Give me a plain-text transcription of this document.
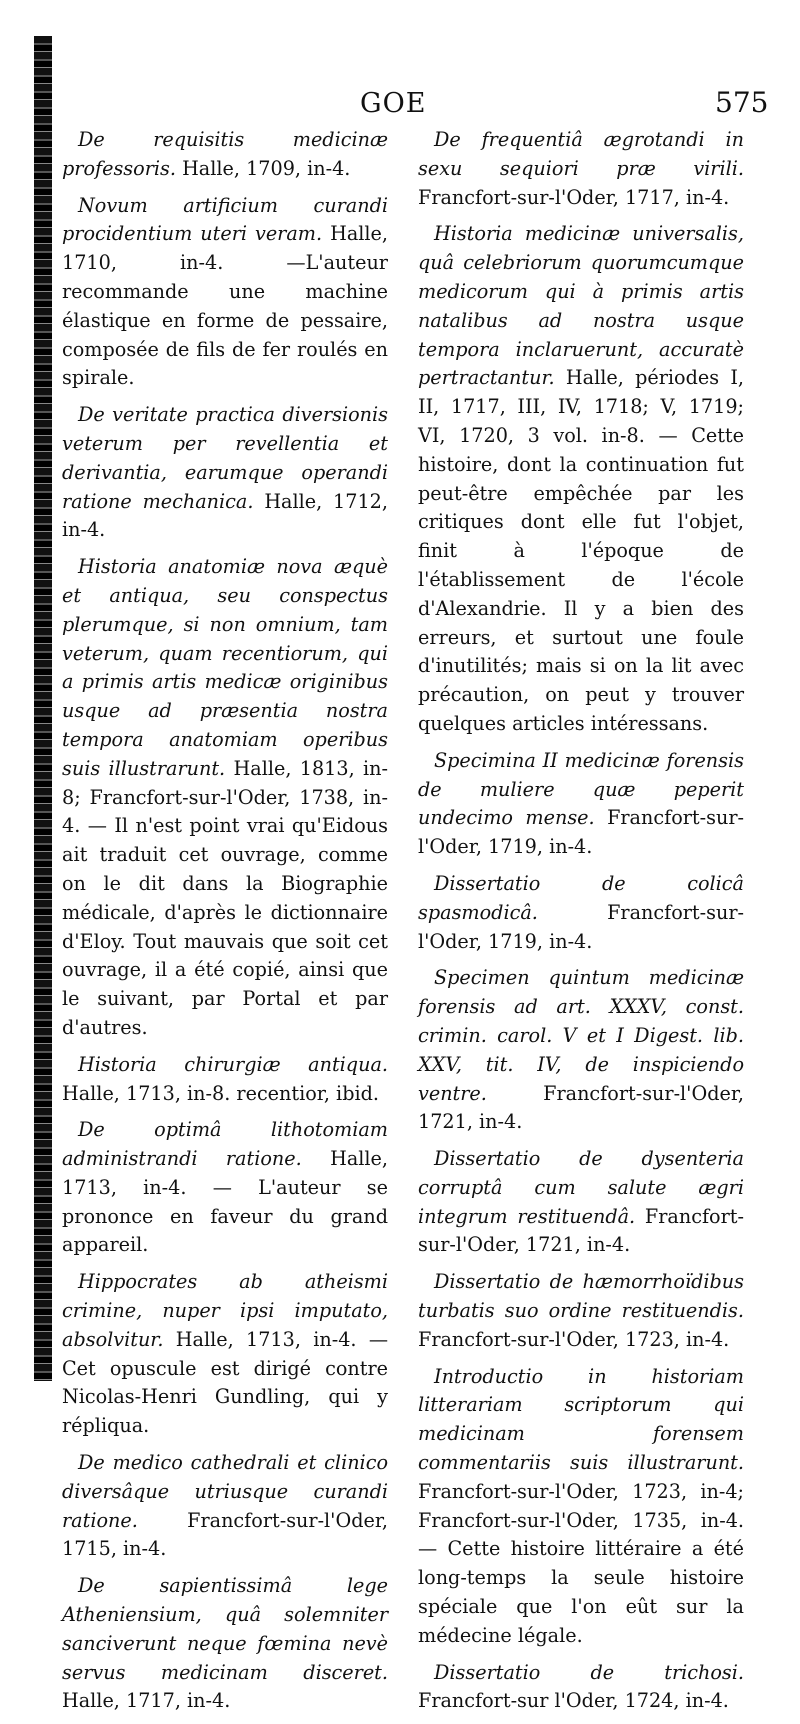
GOE	575

De requisitis medicinæ professoris. Halle, 1709, in-4.

Novum artificium curandi procidentium uteri veram. Halle, 1710, in-4.	—L'auteur recommande une machine élastique en forme de pessaire, composée de fils de fer roulés en spirale.

De veritate practica diversionis veterum per revellentia et derivantia, earumque operandi ratione mechanica. Halle, 1712, in-4.

Historia anatomiæ nova æquè et antiqua, seu conspectus plerumque, si non omnium, tam veterum, quam recentiorum, qui a primis artis medicæ originibus usque ad præsentia nostra tempora anatomiam operibus suis illustrarunt. Halle, 1813, in-8; Francfort-sur-l'Oder, 1738, in-4. — Il n'est point vrai qu'Eidous ait traduit cet ouvrage, comme on le dit dans la Biographie médicale, d'après le dictionnaire d'Eloy. Tout mauvais que soit cet ouvrage, il a été copié, ainsi que le suivant, par Portal et par d'autres.

Historia chirurgiæ antiqua. Halle, 1713, in-8. recentior, ibid.

De optimâ lithotomiam administrandi ratione. Halle, 1713, in-4. — L'auteur se prononce en faveur du grand appareil.

Hippocrates ab atheismi crimine, nuper ipsi imputato, absolvitur. Halle, 1713, in-4. — Cet opuscule est dirigé contre Nicolas-Henri Gundling, qui y répliqua.

De medico cathedrali et clinico diversâque utriusque curandi ratione.	Francfort-sur-l'Oder, 1715, in-4.

De sapientissimâ lege Atheniensium, quâ solemniter sanciverunt neque fœmina nevè servus medicinam disceret. Halle, 1717, in-4.

De frequentiâ ægrotandi in sexu sequiori præ virili. Francfort-sur-l'Oder, 1717, in-4.

Historia medicinæ universalis, quâ celebriorum quorumcumque medicorum qui à primis artis natalibus ad nostra usque tempora inclaruerunt, accuratè pertractantur. Halle, périodes I, II, 1717, III, IV, 1718; V, 1719; VI, 1720, 3 vol. in-8. — Cette histoire, dont la continuation fut peut-être empêchée par les critiques dont elle fut l'objet, finit à l'époque de l'établissement de l'école d'Alexandrie. Il y a bien des erreurs, et surtout une foule d'inutilités; mais si on la lit avec précaution, on peut y trouver quelques articles intéressans.

Specimina II medicinæ forensis de muliere quæ peperit undecimo mense. Francfort-sur-l'Oder, 1719, in-4.

Dissertatio de colicâ spasmodicâ.	Francfort-sur-l'Oder, 1719, in-4.

Specimen quintum medicinæ forensis ad art. XXXV, const. crimin. carol. V et I Digest. lib. XXV, tit. IV, de inspiciendo ventre.	Francfort-sur-l'Oder, 1721, in-4.

Dissertatio de dysenteria corruptâ cum salute ægri integrum restituendâ. Francfort-sur-l'Oder, 1721, in-4.

Dissertatio de hæmorrhoïdibus turbatis suo ordine restituendis. Francfort-sur-l'Oder, 1723, in-4.

Introductio in historiam litterariam scriptorum qui medicinam forensem commentariis suis illustrarunt. Francfort-sur-l'Oder, 1723, in-4; Francfort-sur-l'Oder, 1735, in-4. — Cette histoire littéraire a été long-temps la seule histoire spéciale que l'on eût sur la médecine légale.

Dissertatio de trichosi. Francfort-sur l'Oder, 1724, in-4.
